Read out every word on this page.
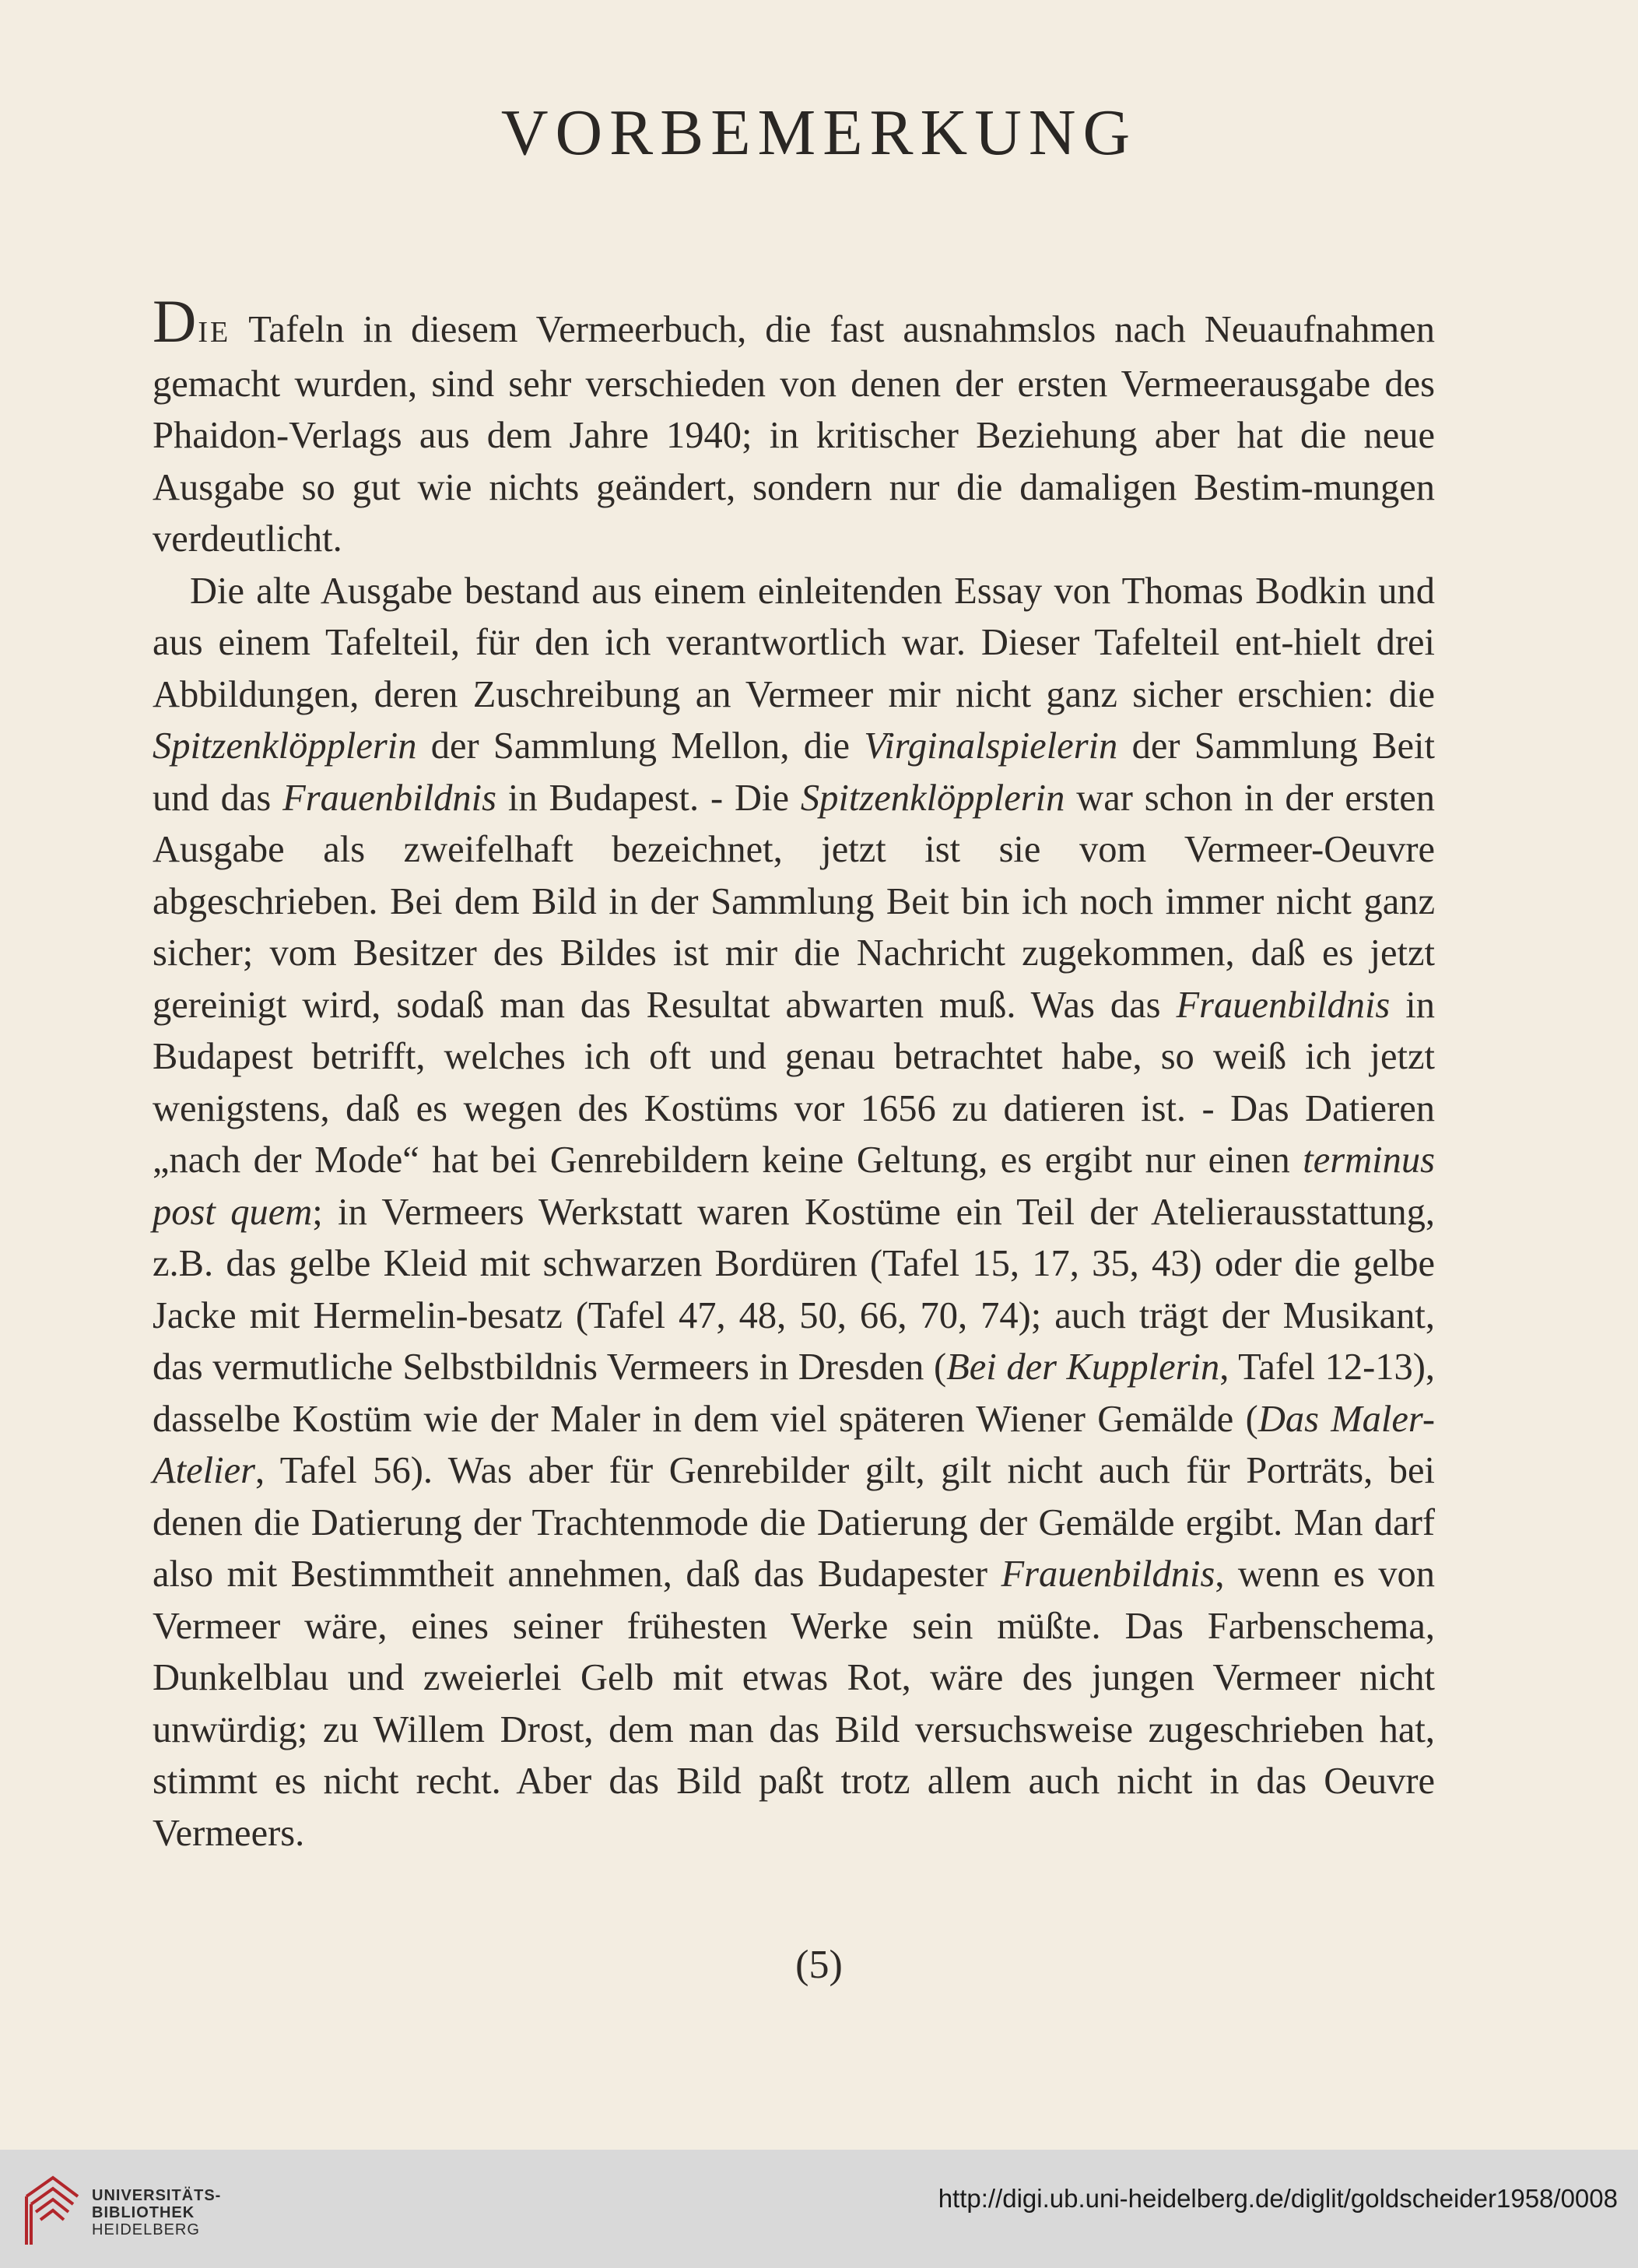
VORBEMERKUNG

DIE Tafeln in diesem Vermeerbuch, die fast ausnahmslos nach Neuaufnahmen gemacht wurden, sind sehr verschieden von denen der ersten Vermeerausgabe des Phaidon-Verlags aus dem Jahre 1940; in kritischer Beziehung aber hat die neue Ausgabe so gut wie nichts geändert, sondern nur die damaligen Bestim-mungen verdeutlicht.

Die alte Ausgabe bestand aus einem einleitenden Essay von Thomas Bodkin und aus einem Tafelteil, für den ich verantwortlich war. Dieser Tafelteil ent-hielt drei Abbildungen, deren Zuschreibung an Vermeer mir nicht ganz sicher erschien: die Spitzenklöpplerin der Sammlung Mellon, die Virginalspielerin der Sammlung Beit und das Frauenbildnis in Budapest. - Die Spitzenklöpplerin war schon in der ersten Ausgabe als zweifelhaft bezeichnet, jetzt ist sie vom Vermeer-Oeuvre abgeschrieben. Bei dem Bild in der Sammlung Beit bin ich noch immer nicht ganz sicher; vom Besitzer des Bildes ist mir die Nachricht zugekommen, daß es jetzt gereinigt wird, sodaß man das Resultat abwarten muß. Was das Frauenbildnis in Budapest betrifft, welches ich oft und genau betrachtet habe, so weiß ich jetzt wenigstens, daß es wegen des Kostüms vor 1656 zu datieren ist. - Das Datieren „nach der Mode“ hat bei Genrebildern keine Geltung, es ergibt nur einen terminus post quem; in Vermeers Werkstatt waren Kostüme ein Teil der Atelierausstattung, z.B. das gelbe Kleid mit schwarzen Bordüren (Tafel 15, 17, 35, 43) oder die gelbe Jacke mit Hermelin-besatz (Tafel 47, 48, 50, 66, 70, 74); auch trägt der Musikant, das vermutliche Selbstbildnis Vermeers in Dresden (Bei der Kupplerin, Tafel 12-13), dasselbe Kostüm wie der Maler in dem viel späteren Wiener Gemälde (Das Maler-Atelier, Tafel 56). Was aber für Genrebilder gilt, gilt nicht auch für Porträts, bei denen die Datierung der Trachtenmode die Datierung der Gemälde ergibt. Man darf also mit Bestimmtheit annehmen, daß das Budapester Frauenbildnis, wenn es von Vermeer wäre, eines seiner frühesten Werke sein müßte. Das Farbenschema, Dunkelblau und zweierlei Gelb mit etwas Rot, wäre des jungen Vermeer nicht unwürdig; zu Willem Drost, dem man das Bild versuchsweise zugeschrieben hat, stimmt es nicht recht. Aber das Bild paßt trotz allem auch nicht in das Oeuvre Vermeers.

(5)
UNIVERSITÄTS-
BIBLIOTHEK
HEIDELBERG
http://digi.ub.uni-heidelberg.de/diglit/goldscheider1958/0008
